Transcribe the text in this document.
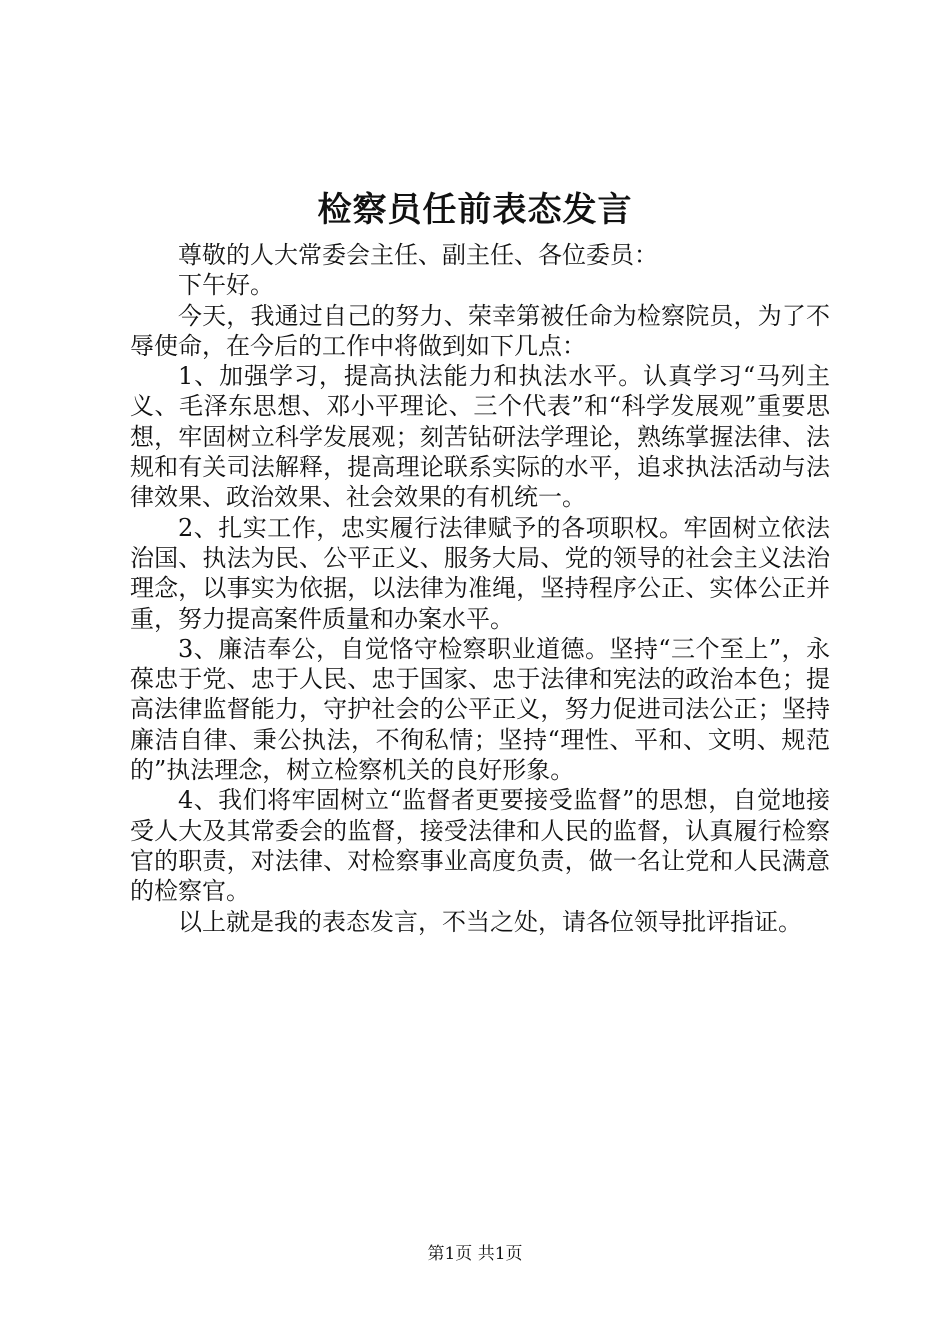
检察员任前表态发言

尊敬的人大常委会主任、副主任、各位委员：

下午好。

今天，我通过自己的努力、荣幸第被任命为检察院员，为了不辱使命，在今后的工作中将做到如下几点：

1、加强学习，提高执法能力和执法水平。认真学习“马列主义、毛泽东思想、邓小平理论、三个代表”和“科学发展观”重要思想，牢固树立科学发展观；刻苦钻研法学理论，熟练掌握法律、法规和有关司法解释，提高理论联系实际的水平，追求执法活动与法律效果、政治效果、社会效果的有机统一。

2、扎实工作，忠实履行法律赋予的各项职权。牢固树立依法治国、执法为民、公平正义、服务大局、党的领导的社会主义法治理念，以事实为依据，以法律为准绳，坚持程序公正、实体公正并重，努力提高案件质量和办案水平。

3、廉洁奉公，自觉恪守检察职业道德。坚持“三个至上”，永葆忠于党、忠于人民、忠于国家、忠于法律和宪法的政治本色；提高法律监督能力，守护社会的公平正义，努力促进司法公正；坚持廉洁自律、秉公执法，不徇私情；坚持“理性、平和、文明、规范的”执法理念，树立检察机关的良好形象。

4、我们将牢固树立“监督者更要接受监督”的思想，自觉地接受人大及其常委会的监督，接受法律和人民的监督，认真履行检察官的职责，对法律、对检察事业高度负责，做一名让党和人民满意的检察官。

以上就是我的表态发言，不当之处，请各位领导批评指证。

第1页 共1页
